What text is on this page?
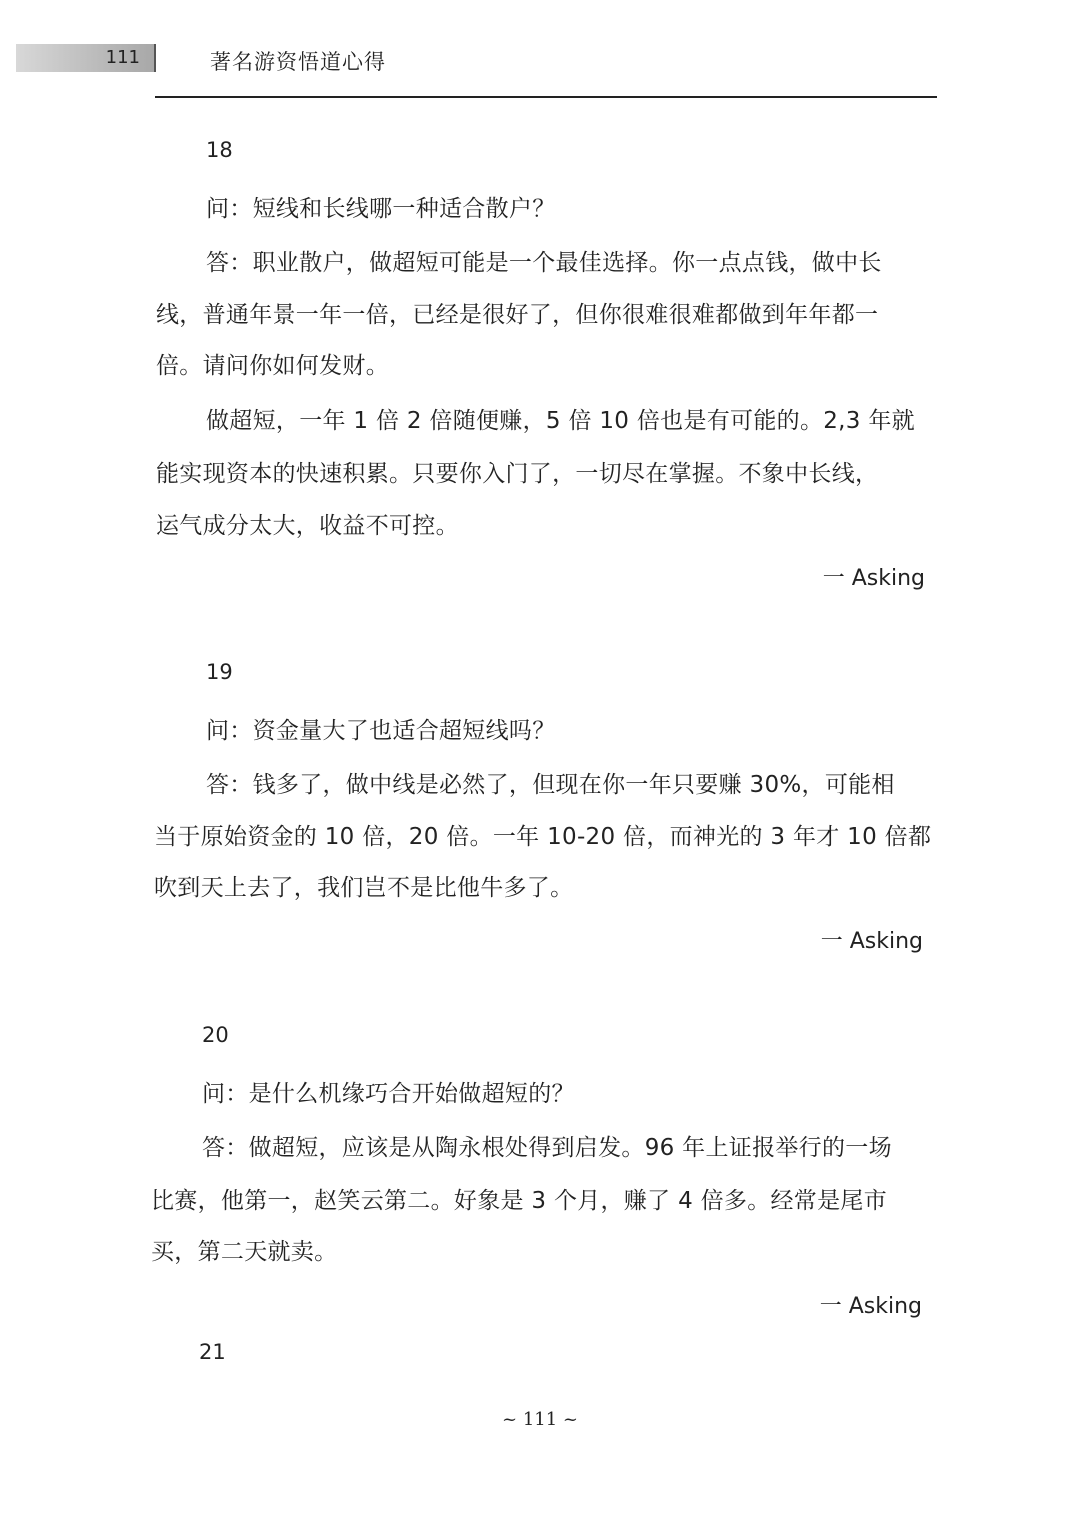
111	著名游资悟道心得
18
问：短线和长线哪一种适合散户？
答：职业散户，做超短可能是一个最佳选择。你一点点钱，做中长
线，普通年景一年一倍，已经是很好了，但你很难很难都做到年年都一
倍。请问你如何发财。
做超短，一年 1 倍 2 倍随便赚，5 倍 10 倍也是有可能的。2,3 年就
能实现资本的快速积累。只要你入门了，一切尽在掌握。不象中长线，
运气成分太大，收益不可控。
一 Asking
19
问：资金量大了也适合超短线吗？
答：钱多了，做中线是必然了，但现在你一年只要赚 30%，可能相
当于原始资金的 10 倍，20 倍。一年 10-20 倍，而神光的 3 年才 10 倍都
吹到天上去了，我们岂不是比他牛多了。
一 Asking
20
问：是什么机缘巧合开始做超短的？
答：做超短，应该是从陶永根处得到启发。96 年上证报举行的一场
比赛，他第一，赵笑云第二。好象是 3 个月，赚了 4 倍多。经常是尾市
买，第二天就卖。
一 Asking
21
~ 111 ~
